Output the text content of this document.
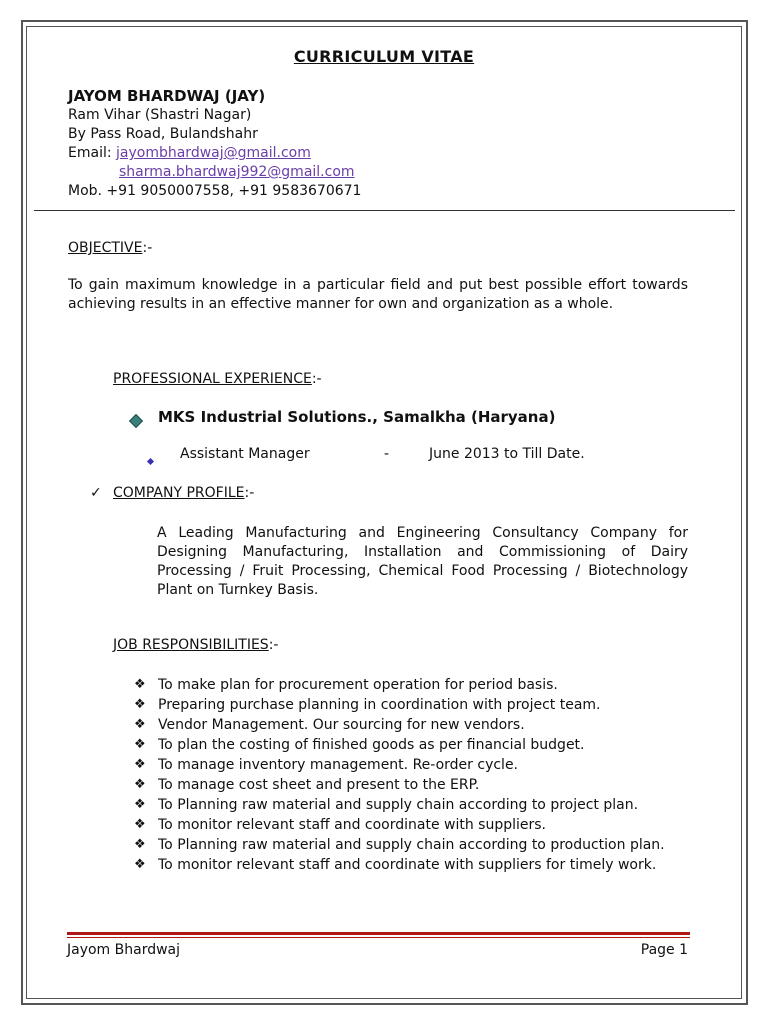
CURRICULUM VITAE
JAYOM BHARDWAJ (JAY)
Ram Vihar (Shastri Nagar)
By Pass Road, Bulandshahr
Email: jayombhardwaj@gmail.com
sharma.bhardwaj992@gmail.com
Mob. +91 9050007558, +91 9583670671
OBJECTIVE:-
To gain maximum knowledge in a particular field and put best possible effort towards achieving results in an effective manner for own and organization as a whole.
PROFESSIONAL EXPERIENCE:-
MKS Industrial Solutions., Samalkha (Haryana)
Assistant Manager	-	June 2013 to Till Date.
✓ COMPANY PROFILE:-
A Leading Manufacturing and Engineering Consultancy Company for Designing Manufacturing, Installation and Commissioning of Dairy Processing / Fruit Processing, Chemical Food Processing / Biotechnology Plant on Turnkey Basis.
JOB RESPONSIBILITIES:-
❖ To make plan for procurement operation for period basis.
❖ Preparing purchase planning in coordination with project team.
❖ Vendor Management. Our sourcing for new vendors.
❖ To plan the costing of finished goods as per financial budget.
❖ To manage inventory management. Re-order cycle.
❖ To manage cost sheet and present to the ERP.
❖ To Planning raw material and supply chain according to project plan.
❖ To monitor relevant staff and coordinate with suppliers.
❖ To Planning raw material and supply chain according to production plan.
❖ To monitor relevant staff and coordinate with suppliers for timely work.
Jayom Bhardwaj	Page 1
